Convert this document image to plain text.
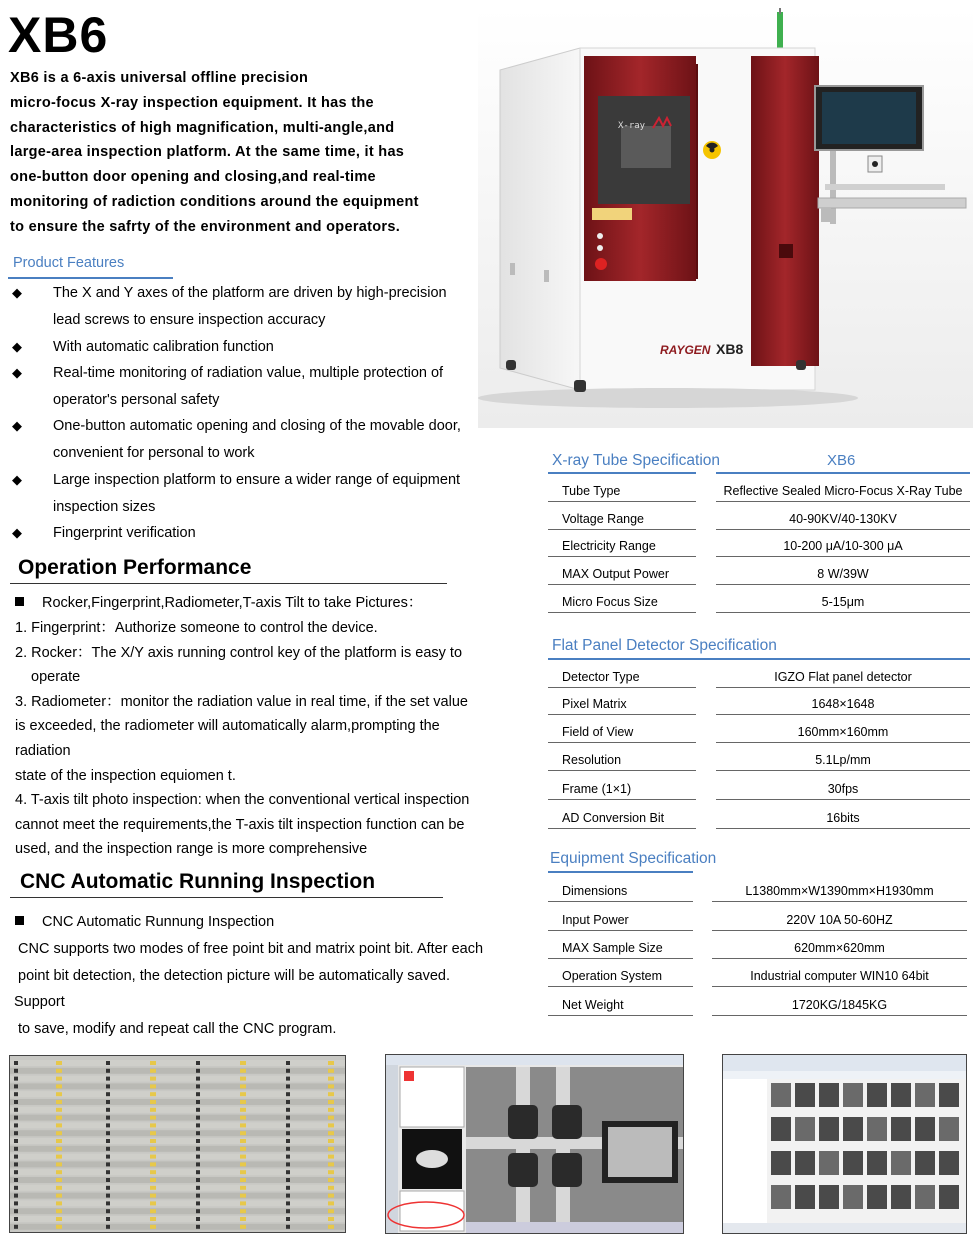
XB6
XB6 is a 6-axis universal offline precision
micro-focus X-ray inspection equipment. It has the
characteristics of high magnification, multi-angle,and
large-area inspection platform. At the same time, it has
one-button door opening and closing,and real-time
monitoring of radiction conditions around the equipment
to ensure the safrty of the environment and operators.
Product Features
◆ The X and Y axes of the platform are driven by high-precision
lead screws to ensure inspection accuracy
◆ With automatic calibration function
◆ Real-time monitoring of radiation value, multiple protection of
operator's personal safety
◆ One-button automatic opening and closing of the movable door,
convenient for personal to work
◆ Large inspection platform to ensure a wider range of equipment
inspection sizes
◆ Fingerprint verification
Operation Performance
Rocker,Fingerprint,Radiometer,T-axis Tilt to take Pictures：
1. Fingerprint：Authorize someone to control the device.
2. Rocker：The X/Y axis running control key of the platform is easy to
operate
3. Radiometer：monitor the radiation value in real time, if the set value
is exceeded, the radiometer will automatically alarm,prompting the
radiation
state of the inspection equiomen t.
4. T-axis tilt photo inspection: when the conventional vertical inspection
cannot meet the requirements,the T-axis tilt inspection function can be
used, and the inspection range is more comprehensive
CNC Automatic Running Inspection
CNC Automatic Runnung Inspection
CNC supports two modes of free point bit and matrix point bit. After each
point bit detection, the detection picture will be automatically saved.
Support
to save, modify and repeat call the CNC program.
X-ray
RAYGEN XB8
X-ray Tube Specification	XB6
Tube Type	Reflective Sealed Micro-Focus X-Ray Tube
Voltage Range	40-90KV/40-130KV
Electricity Range	10-200 μA/10-300 μA
MAX Output Power	8 W/39W
Micro Focus Size	5-15μm
Flat Panel Detector Specification
Detector Type	IGZO Flat panel detector
Pixel Matrix	1648×1648
Field of View	160mm×160mm
Resolution	5.1Lp/mm
Frame (1×1)	30fps
AD Conversion Bit	16bits
Equipment Specification
Dimensions	L1380mm×W1390mm×H1930mm
Input Power	220V 10A 50-60HZ
MAX Sample Size	620mm×620mm
Operation System	Industrial computer WIN10 64bit
Net Weight	1720KG/1845KG
